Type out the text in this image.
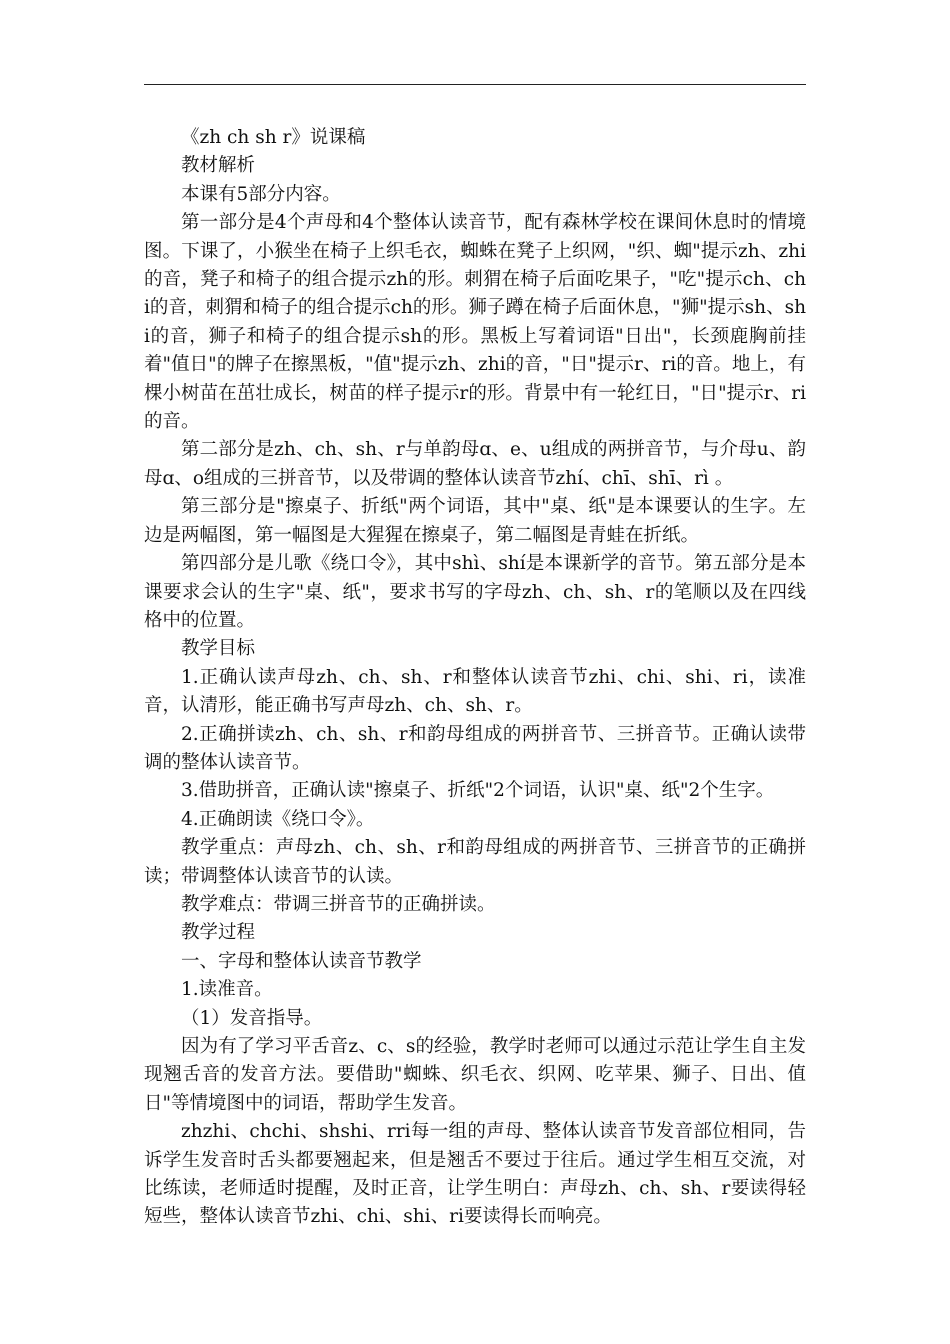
《zh ch sh r》说课稿

教材解析

本课有5部分内容。

第一部分是4个声母和4个整体认读音节，配有森林学校在课间休息时的情境图。下课了，小猴坐在椅子上织毛衣，蜘蛛在凳子上织网，"织、蜘"提示zh、zhi的音，凳子和椅子的组合提示zh的形。刺猬在椅子后面吃果子，"吃"提示ch、chi的音，刺猬和椅子的组合提示ch的形。狮子蹲在椅子后面休息，"狮"提示sh、shi的音，狮子和椅子的组合提示sh的形。黑板上写着词语"日出"，长颈鹿胸前挂着"值日"的牌子在擦黑板，"值"提示zh、zhi的音，"日"提示r、ri的音。地上，有棵小树苗在茁壮成长，树苗的样子提示r的形。背景中有一轮红日，"日"提示r、ri的音。

第二部分是zh、ch、sh、r与单韵母ɑ、e、u组成的两拼音节，与介母u、韵母ɑ、o组成的三拼音节，以及带调的整体认读音节zhí、chī、shī、rì 。

第三部分是"擦桌子、折纸"两个词语，其中"桌、纸"是本课要认的生字。左边是两幅图，第一幅图是大猩猩在擦桌子，第二幅图是青蛙在折纸。

第四部分是儿歌《绕口令》，其中shì、shí是本课新学的音节。第五部分是本课要求会认的生字"桌、纸"，要求书写的字母zh、ch、sh、r的笔顺以及在四线格中的位置。

教学目标

1.正确认读声母zh、ch、sh、r和整体认读音节zhi、chi、shi、ri，读准音，认清形，能正确书写声母zh、ch、sh、r。

2.正确拼读zh、ch、sh、r和韵母组成的两拼音节、三拼音节。正确认读带调的整体认读音节。

3.借助拼音，正确认读"擦桌子、折纸"2个词语，认识"桌、纸"2个生字。

4.正确朗读《绕口令》。

教学重点：声母zh、ch、sh、r和韵母组成的两拼音节、三拼音节的正确拼读；带调整体认读音节的认读。

教学难点：带调三拼音节的正确拼读。

教学过程

一、字母和整体认读音节教学

1.读准音。

（1）发音指导。

因为有了学习平舌音z、c、s的经验，教学时老师可以通过示范让学生自主发现翘舌音的发音方法。要借助"蜘蛛、织毛衣、织网、吃苹果、狮子、日出、值日"等情境图中的词语，帮助学生发音。

zhzhi、chchi、shshi、rri每一组的声母、整体认读音节发音部位相同，告诉学生发音时舌头都要翘起来，但是翘舌不要过于往后。通过学生相互交流，对比练读，老师适时提醒，及时正音，让学生明白：声母zh、ch、sh、r要读得轻短些，整体认读音节zhi、chi、shi、ri要读得长而响亮。
